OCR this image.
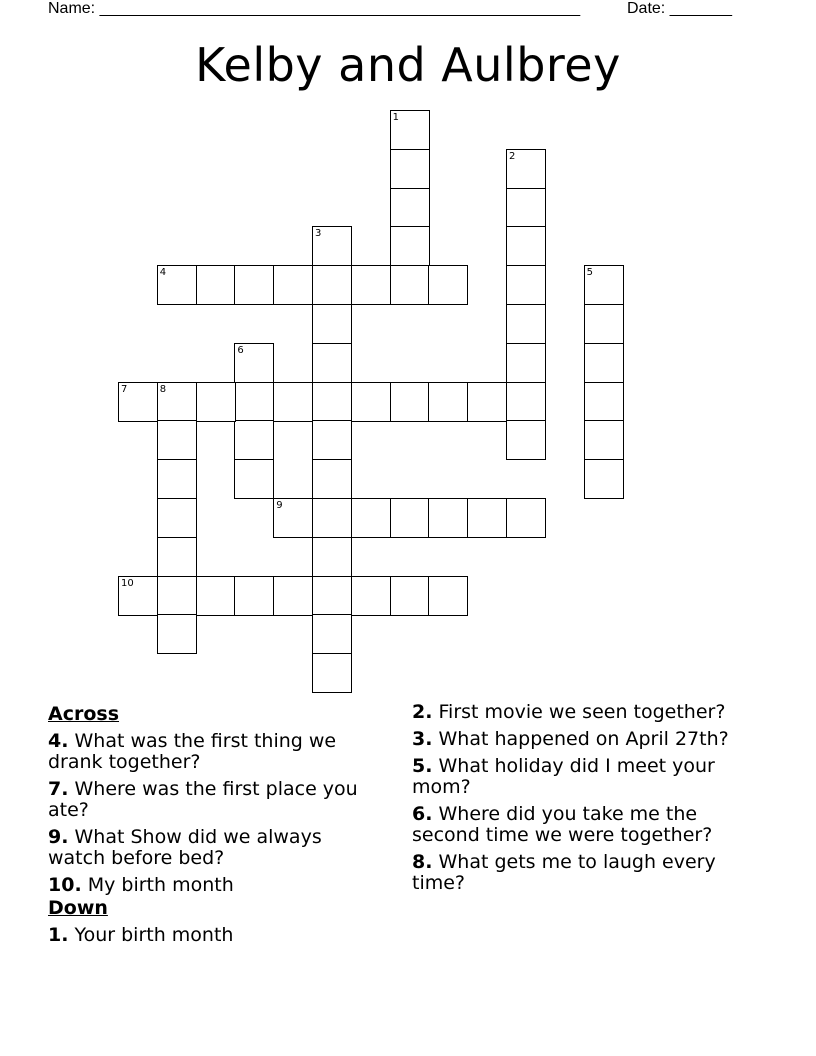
Name: ______________________________________________________	Date: _______
Kelby and Aulbrey
1
2
3
4	5
6
7	8
9
10
Across
4. What was the first thing we drank together?
7. Where was the first place you ate?
9. What Show did we always watch before bed?
10. My birth month
Down
1. Your birth month
2. First movie we seen together?
3. What happened on April 27th?
5. What holiday did I meet your mom?
6. Where did you take me the second time we were together?
8. What gets me to laugh every time?
